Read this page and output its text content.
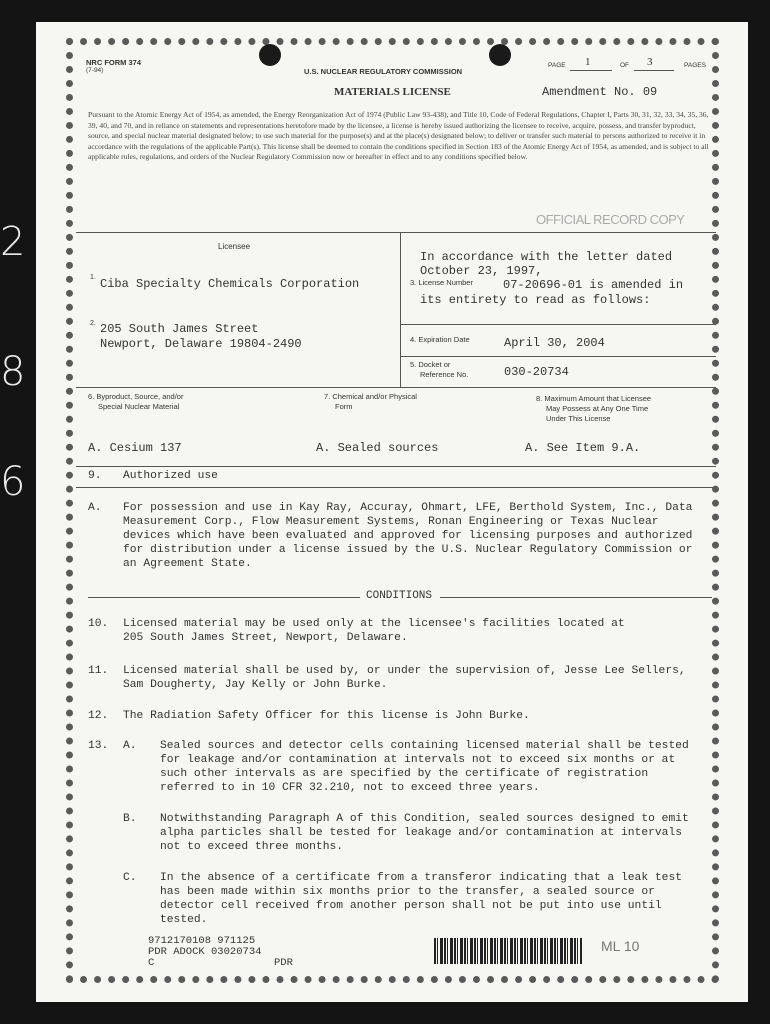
2
8
6
NRC FORM 374
(7-94)	U.S. NUCLEAR REGULATORY COMMISSION
PAGE 1	OF 3	PAGES
MATERIALS LICENSE	Amendment No. 09
Pursuant to the Atomic Energy Act of 1954, as amended, the Energy Reorganization Act of 1974 (Public Law 93-438), and Title 10, Code of Federal Regulations, Chapter I, Parts 30, 31, 32, 33, 34, 35, 36, 39, 40, and 70, and in reliance on statements and representations heretofore made by the licensee, a license is hereby issued authorizing the licensee to receive, acquire, possess, and transfer byproduct, source, and special nuclear material designated below; to use such material for the purpose(s) and at the place(s) designated below; to deliver or transfer such material to persons authorized to receive it in accordance with the regulations of the applicable Part(s). This license shall be deemed to contain the conditions specified in Section 183 of the Atomic Energy Act of 1954, as amended, and is subject to all applicable rules, regulations, and orders of the Nuclear Regulatory Commission now or hereafter in effect and to any conditions specified below.
OFFICIAL RECORD COPY
Licensee
1. Ciba Specialty Chemicals Corporation
2. 205 South James Street
Newport, Delaware 19804-2490
In accordance with the letter dated
October 23, 1997,
3. License Number	07-20696-01 is amended in
its entirety to read as follows:
4. Expiration Date	April 30, 2004
5. Docket or
Reference No.	030-20734
6. Byproduct, Source, and/or
Special Nuclear Material
7. Chemical and/or Physical
Form
8. Maximum Amount that Licensee
May Possess at Any One Time
Under This License
A. Cesium 137	A. Sealed sources	A. See Item 9.A.
9. Authorized use
A. For possession and use in Kay Ray, Accuray, Ohmart, LFE, Berthold System, Inc., Data
Measurement Corp., Flow Measurement Systems, Ronan Engineering or Texas Nuclear
devices which have been evaluated and approved for licensing purposes and authorized
for distribution under a license issued by the U.S. Nuclear Regulatory Commission or
an Agreement State.
CONDITIONS
10. Licensed material may be used only at the licensee's facilities located at
205 South James Street, Newport, Delaware.
11. Licensed material shall be used by, or under the supervision of, Jesse Lee Sellers,
Sam Dougherty, Jay Kelly or John Burke.
12. The Radiation Safety Officer for this license is John Burke.
13. A. Sealed sources and detector cells containing licensed material shall be tested
for leakage and/or contamination at intervals not to exceed six months or at
such other intervals as are specified by the certificate of registration
referred to in 10 CFR 32.210, not to exceed three years.
B. Notwithstanding Paragraph A of this Condition, sealed sources designed to emit
alpha particles shall be tested for leakage and/or contamination at intervals
not to exceed three months.
C. In the absence of a certificate from a transferor indicating that a leak test
has been made within six months prior to the transfer, a sealed source or
detector cell received from another person shall not be put into use until
tested.
9712170108 971125
PDR ADOCK 03020734
C	PDR
ML 10
